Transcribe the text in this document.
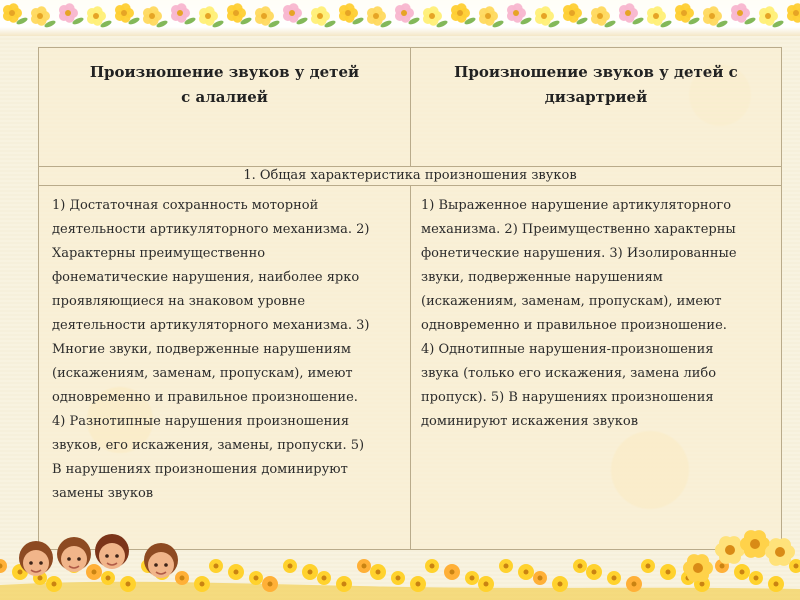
Произношение звуков у детей с алалией
Произношение звуков у детей с дизартрией
1. Общая характеристика произношения звуков
1) Достаточная сохранность моторной
деятельности артикуляторного механизма. 2)
Характерны преимущественно
фонематические нарушения, наиболее ярко
проявляющиеся на знаковом уровне
деятельности артикуляторного механизма. 3)
Многие звуки, подверженные нарушениям
(искажениям, заменам, пропускам), имеют
одновременно и правильное произношение.
4) Разнотипные нарушения произношения
звуков, его искажения, замены, пропуски. 5)
В нарушениях произношения доминируют
замены звуков
1) Выраженное нарушение артикуляторного
механизма. 2) Преимущественно характерны
фонетические нарушения. 3) Изолированные
звуки, подверженные нарушениям
(искажениям, заменам, пропускам), имеют
одновременно и правильное произношение.
4) Однотипные нарушения-произношения
звука (только его искажения, замена либо
пропуск). 5) В нарушениях произношения
доминируют искажения звуков
